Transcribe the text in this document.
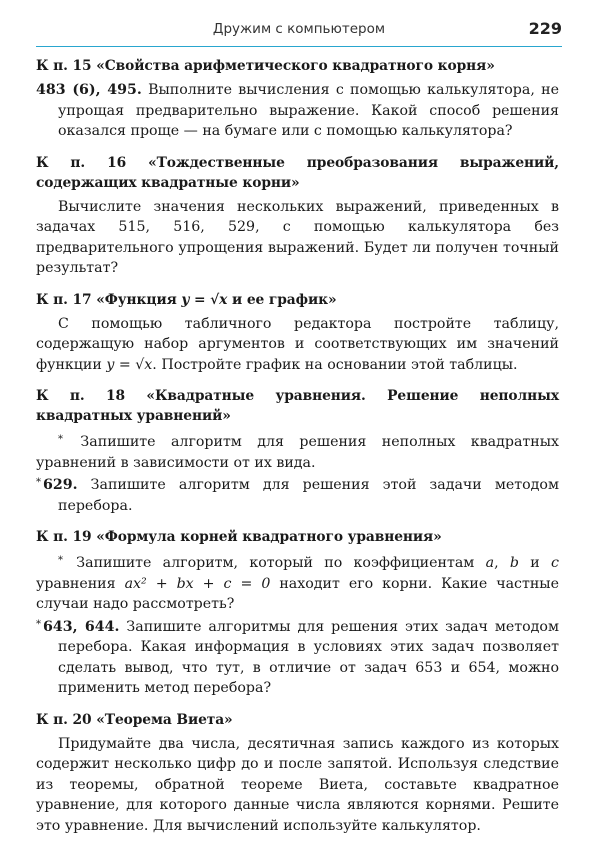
Дружим с компьютером	229

К п. 15 «Свойства арифметического квадратного корня»

483 (6), 495. Выполните вычисления с помощью калькулятора, не упрощая предварительно выражение. Какой способ решения оказался проще — на бумаге или с помощью калькулятора?

К п. 16 «Тождественные преобразования выражений, содержащих квадратные корни»

Вычислите значения нескольких выражений, приведенных в задачах 515, 516, 529, с помощью калькулятора без предварительного упрощения выражений. Будет ли получен точный результат?

К п. 17 «Функция y = √x и ее график»

С помощью табличного редактора постройте таблицу, содержащую набор аргументов и соответствующих им значений функции y = √x. Постройте график на основании этой таблицы.

К п. 18 «Квадратные уравнения. Решение неполных квадратных уравнений»

* Запишите алгоритм для решения неполных квадратных уравнений в зависимости от их вида.

* 629. Запишите алгоритм для решения этой задачи методом перебора.

К п. 19 «Формула корней квадратного уравнения»

* Запишите алгоритм, который по коэффициентам a, b и c уравнения ax² + bx + c = 0 находит его корни. Какие частные случаи надо рассмотреть?

* 643, 644. Запишите алгоритмы для решения этих задач методом перебора. Какая информация в условиях этих задач позволяет сделать вывод, что тут, в отличие от задач 653 и 654, можно применить метод перебора?

К п. 20 «Теорема Виета»

Придумайте два числа, десятичная запись каждого из которых содержит несколько цифр до и после запятой. Используя следствие из теоремы, обратной теореме Виета, составьте квадратное уравнение, для которого данные числа являются корнями. Решите это уравнение. Для вычислений используйте калькулятор.
